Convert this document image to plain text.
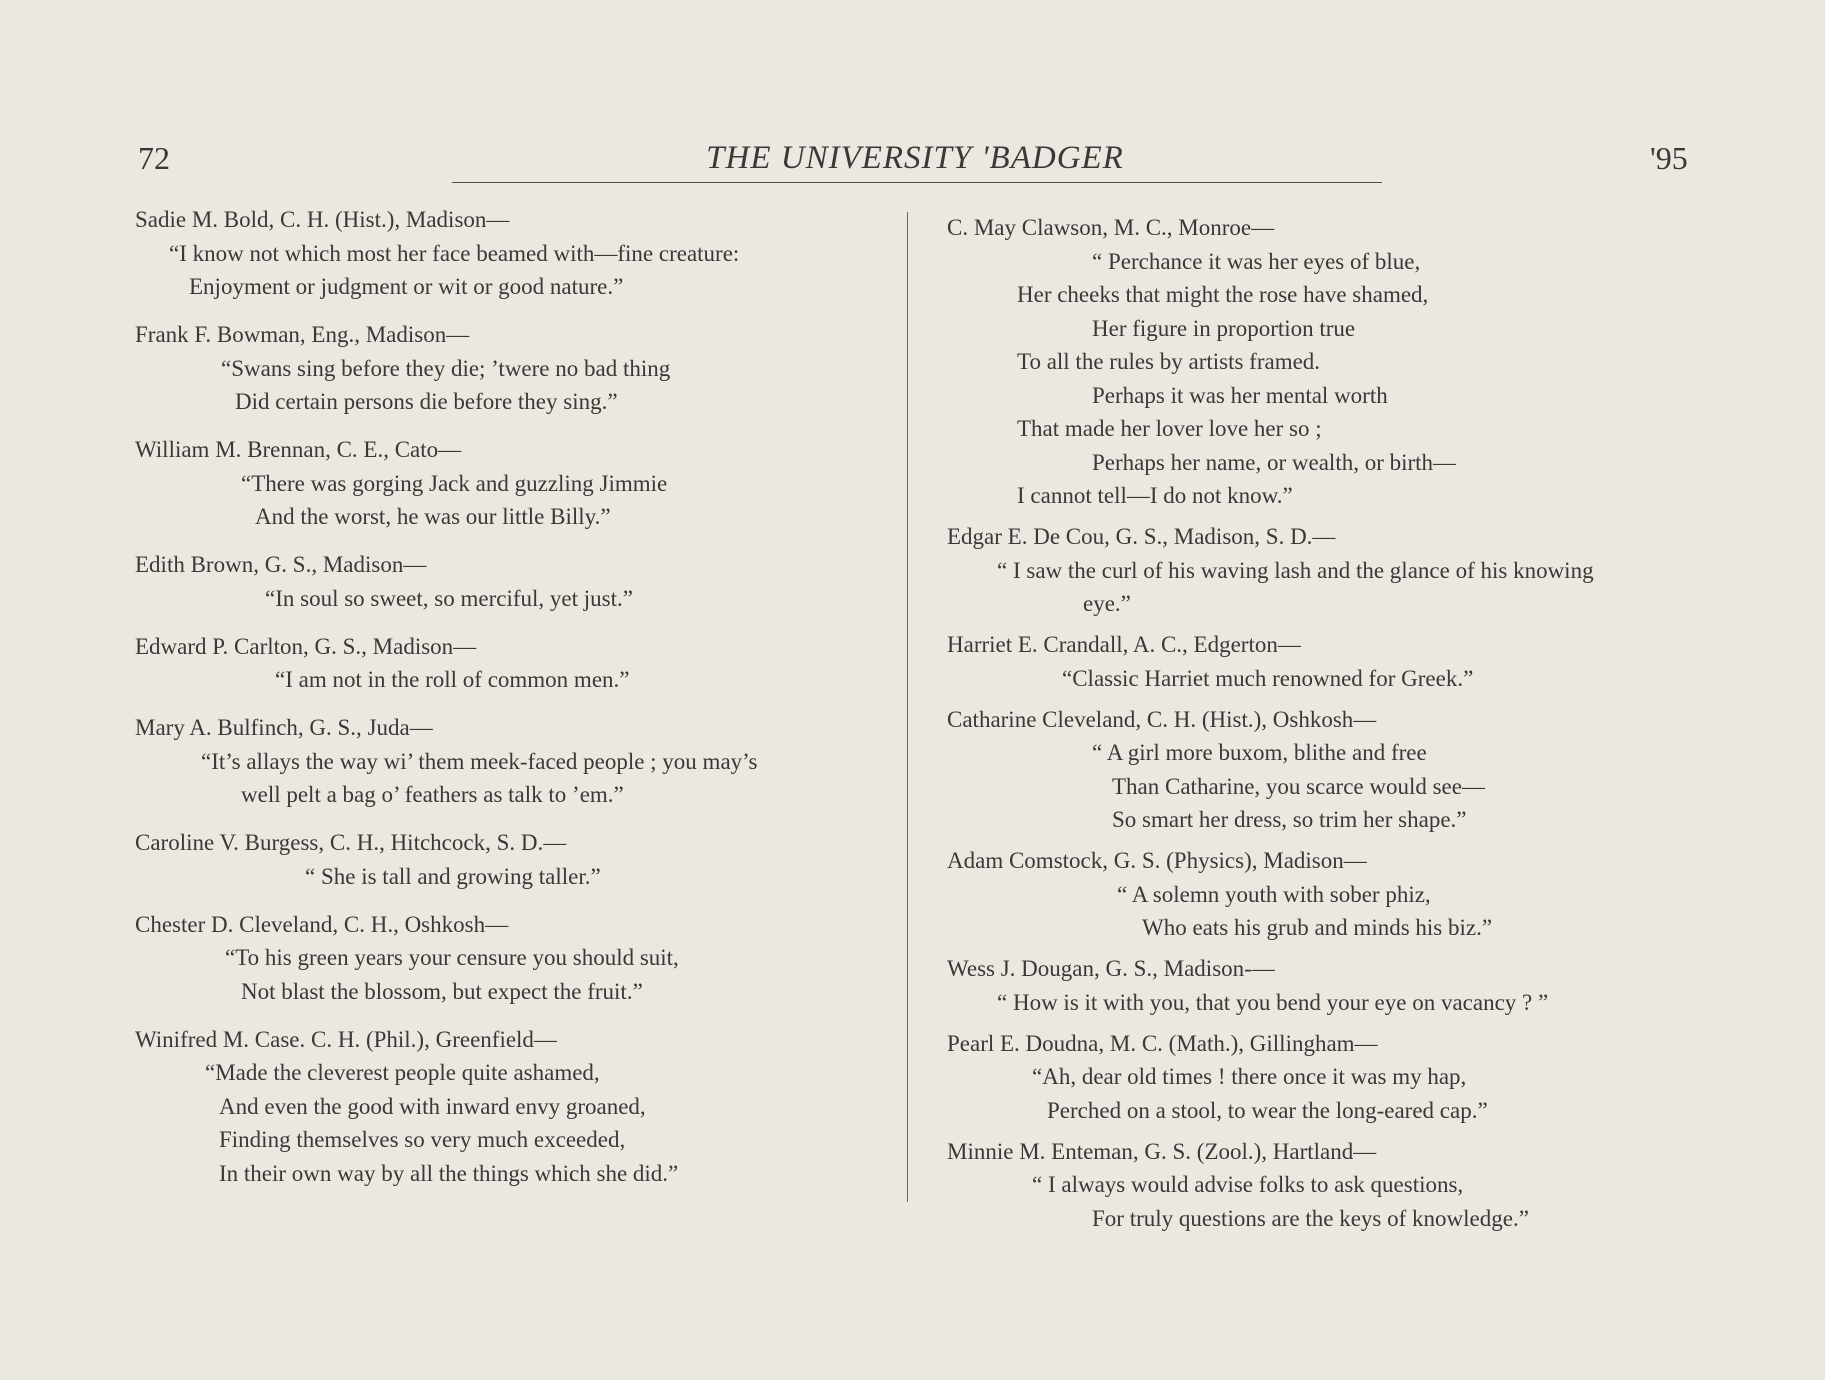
72	THE UNIVERSITY 'BADGER	'95
Sadie M. Bold, C. H. (Hist.), Madison—
“I know not which most her face beamed with—fine creature:
Enjoyment or judgment or wit or good nature.”
Frank F. Bowman, Eng., Madison—
“Swans sing before they die; ’twere no bad thing
Did certain persons die before they sing.”
William M. Brennan, C. E., Cato—
“There was gorging Jack and guzzling Jimmie
And the worst, he was our little Billy.”
Edith Brown, G. S., Madison—
“In soul so sweet, so merciful, yet just.”
Edward P. Carlton, G. S., Madison—
“I am not in the roll of common men.”
Mary A. Bulfinch, G. S., Juda—
“It’s allays the way wi’ them meek-faced people ; you may’s
well pelt a bag o’ feathers as talk to ’em.”
Caroline V. Burgess, C. H., Hitchcock, S. D.—
“ She is tall and growing taller.”
Chester D. Cleveland, C. H., Oshkosh—
“To his green years your censure you should suit,
Not blast the blossom, but expect the fruit.”
Winifred M. Case. C. H. (Phil.), Greenfield—
“Made the cleverest people quite ashamed,
And even the good with inward envy groaned,
Finding themselves so very much exceeded,
In their own way by all the things which she did.”
C. May Clawson, M. C., Monroe—
“ Perchance it was her eyes of blue,
Her cheeks that might the rose have shamed,
Her figure in proportion true
To all the rules by artists framed.
Perhaps it was her mental worth
That made her lover love her so ;
Perhaps her name, or wealth, or birth—
I cannot tell—I do not know.”
Edgar E. De Cou, G. S., Madison, S. D.—
“ I saw the curl of his waving lash and the glance of his knowing
eye.”
Harriet E. Crandall, A. C., Edgerton—
“Classic Harriet much renowned for Greek.”
Catharine Cleveland, C. H. (Hist.), Oshkosh—
“ A girl more buxom, blithe and free
Than Catharine, you scarce would see—
So smart her dress, so trim her shape.”
Adam Comstock, G. S. (Physics), Madison—
“ A solemn youth with sober phiz,
Who eats his grub and minds his biz.”
Wess J. Dougan, G. S., Madison-—
“ How is it with you, that you bend your eye on vacancy ? ”
Pearl E. Doudna, M. C. (Math.), Gillingham—
“Ah, dear old times ! there once it was my hap,
Perched on a stool, to wear the long-eared cap.”
Minnie M. Enteman, G. S. (Zool.), Hartland—
“ I always would advise folks to ask questions,
For truly questions are the keys of knowledge.”
